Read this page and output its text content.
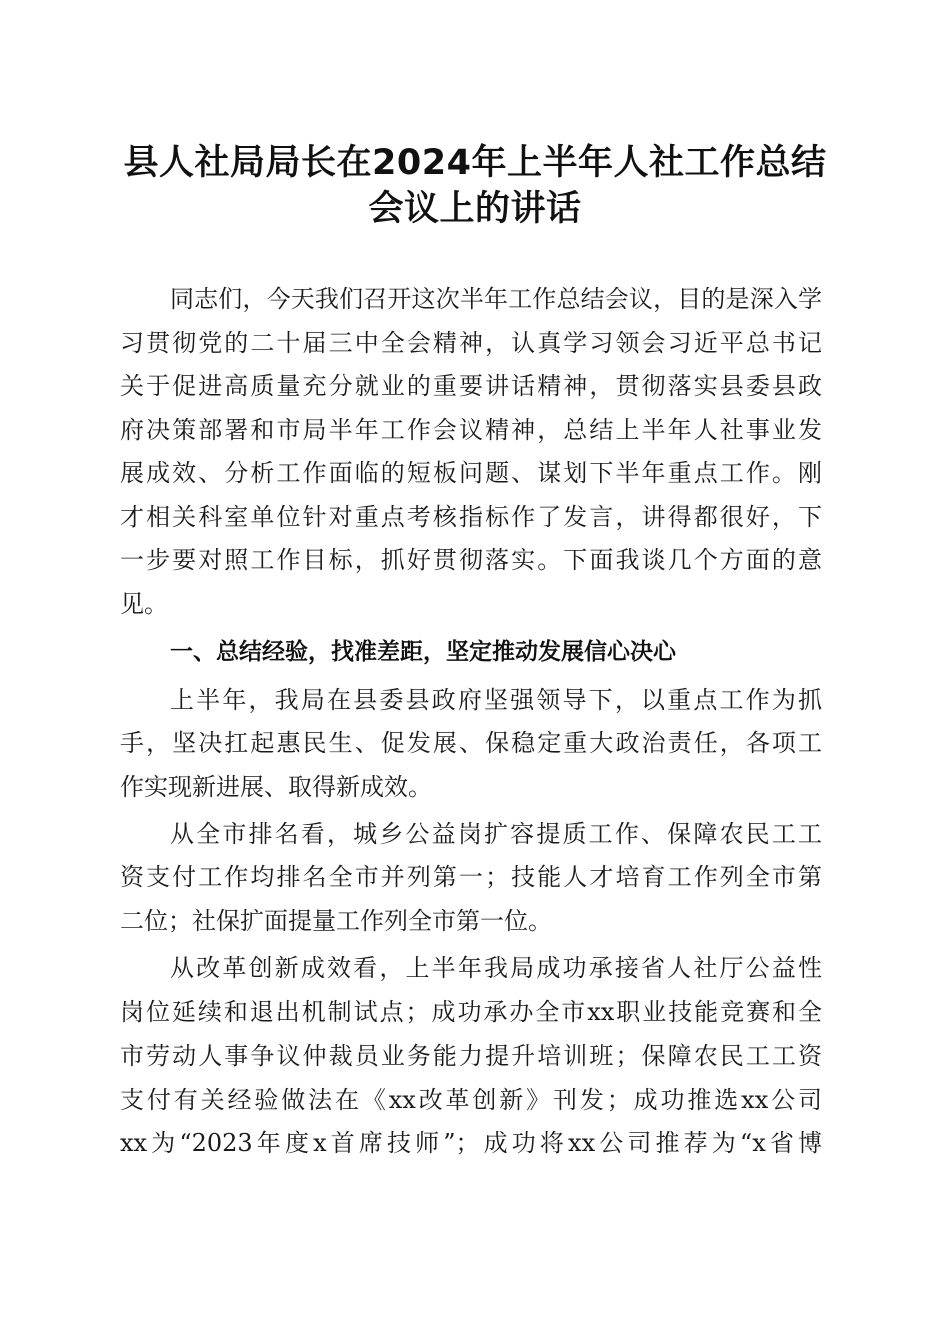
县人社局局长在2024年上半年人社工作总结
会议上的讲话
同志们，今天我们召开这次半年工作总结会议，目的是深入学
习贯彻党的二十届三中全会精神，认真学习领会习近平总书记
关于促进高质量充分就业的重要讲话精神，贯彻落实县委县政
府决策部署和市局半年工作会议精神，总结上半年人社事业发
展成效、分析工作面临的短板问题、谋划下半年重点工作。刚
才相关科室单位针对重点考核指标作了发言，讲得都很好，下
一步要对照工作目标，抓好贯彻落实。下面我谈几个方面的意
见。
一、总结经验，找准差距，坚定推动发展信心决心
上半年，我局在县委县政府坚强领导下，以重点工作为抓
手，坚决扛起惠民生、促发展、保稳定重大政治责任，各项工
作实现新进展、取得新成效。
从全市排名看，城乡公益岗扩容提质工作、保障农民工工
资支付工作均排名全市并列第一；技能人才培育工作列全市第
二位；社保扩面提量工作列全市第一位。
从改革创新成效看，上半年我局成功承接省人社厅公益性
岗位延续和退出机制试点；成功承办全市xx职业技能竞赛和全
市劳动人事争议仲裁员业务能力提升培训班；保障农民工工资
支付有关经验做法在《xx改革创新》刊发；成功推选xx公司
xx为“2023年度x首席技师”；成功将xx公司推荐为“x省博
